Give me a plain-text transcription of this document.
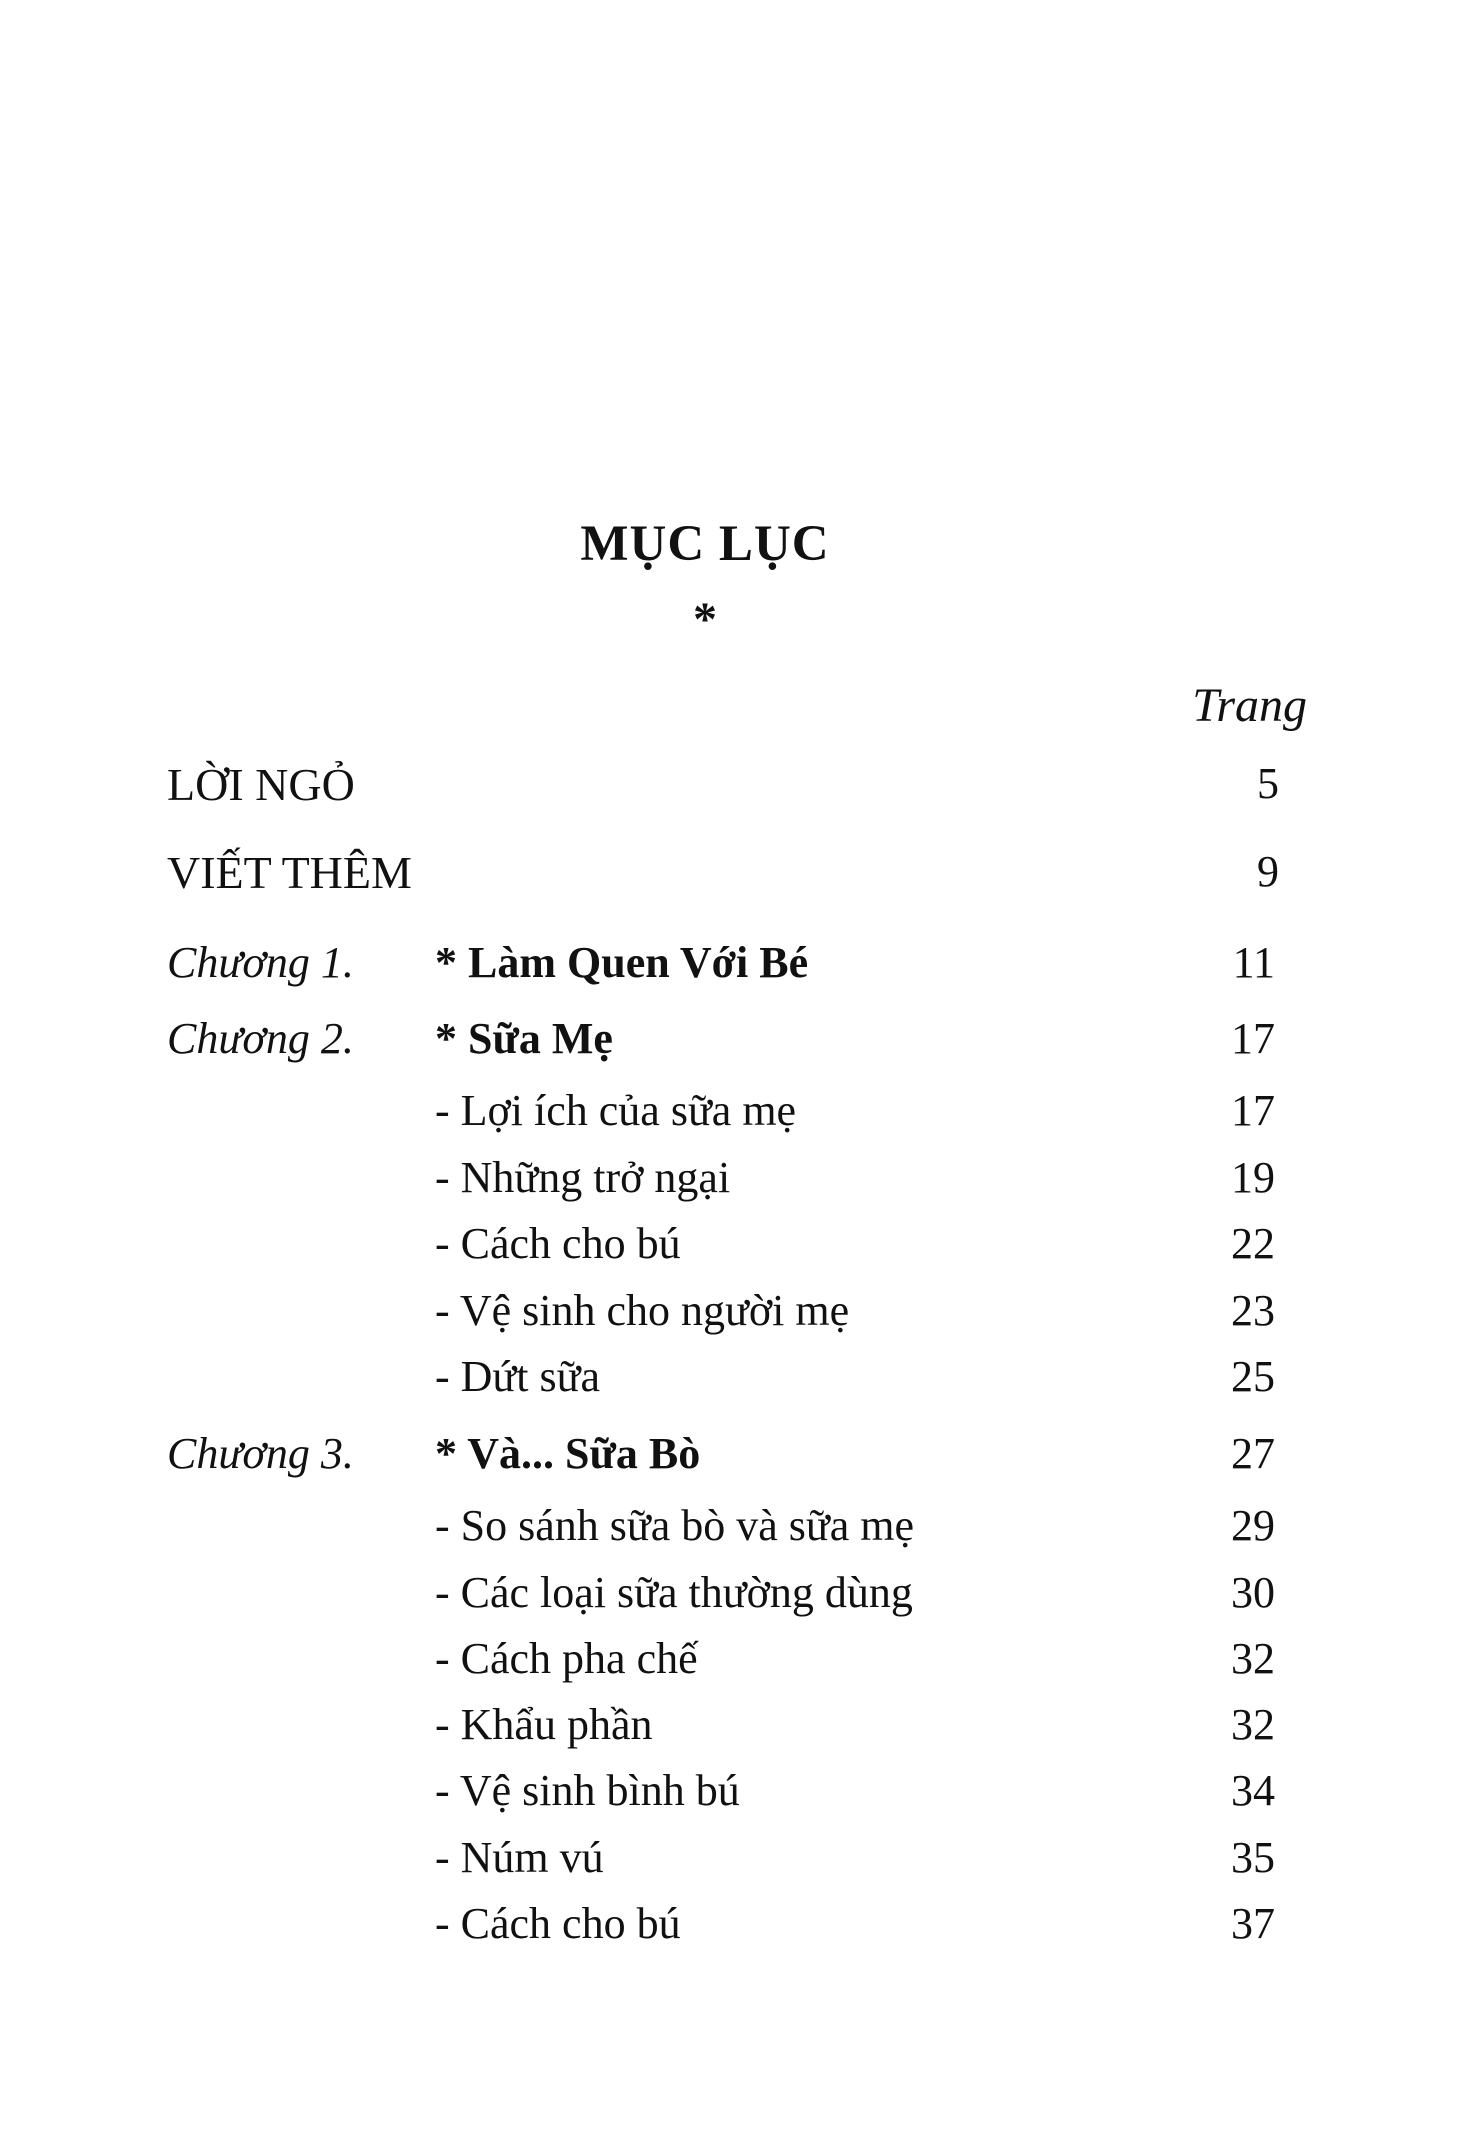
MỤC LỤC
*
Trang
LỜI NGỎ	5
VIẾT THÊM	9
Chương 1. * Làm Quen Với Bé	11
Chương 2. * Sữa Mẹ	17
- Lợi ích của sữa mẹ	17
- Những trở ngại	19
- Cách cho bú	22
- Vệ sinh cho người mẹ	23
- Dứt sữa	25
Chương 3. * Và... Sữa Bò	27
- So sánh sữa bò và sữa mẹ	29
- Các loại sữa thường dùng	30
- Cách pha chế	32
- Khẩu phần	32
- Vệ sinh bình bú	34
- Núm vú	35
- Cách cho bú	37
